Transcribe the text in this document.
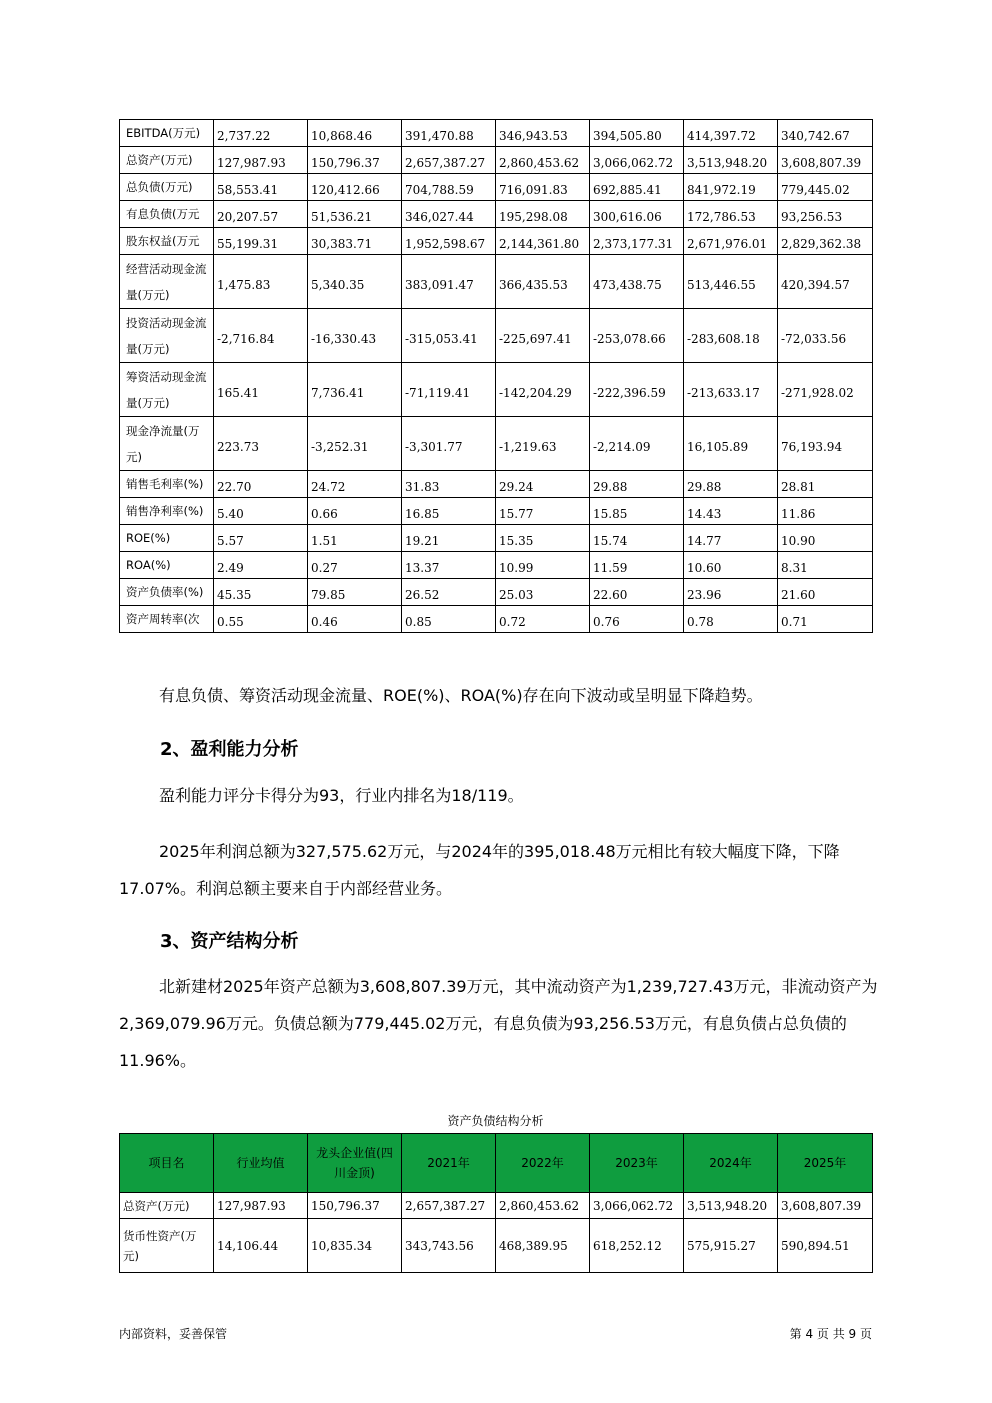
EBITDA(万元)	2,737.22	10,868.46	391,470.88	346,943.53	394,505.80	414,397.72	340,742.67
总资产(万元)	127,987.93	150,796.37	2,657,387.27	2,860,453.62	3,066,062.72	3,513,948.20	3,608,807.39
总负债(万元)	58,553.41	120,412.66	704,788.59	716,091.83	692,885.41	841,972.19	779,445.02
有息负债(万元	20,207.57	51,536.21	346,027.44	195,298.08	300,616.06	172,786.53	93,256.53
股东权益(万元	55,199.31	30,383.71	1,952,598.67	2,144,361.80	2,373,177.31	2,671,976.01	2,829,362.38
经营活动现金流量(万元)	1,475.83	5,340.35	383,091.47	366,435.53	473,438.75	513,446.55	420,394.57
投资活动现金流量(万元)	-2,716.84	-16,330.43	-315,053.41	-225,697.41	-253,078.66	-283,608.18	-72,033.56
筹资活动现金流量(万元)	165.41	7,736.41	-71,119.41	-142,204.29	-222,396.59	-213,633.17	-271,928.02
现金净流量(万元)	223.73	-3,252.31	-3,301.77	-1,219.63	-2,214.09	16,105.89	76,193.94
销售毛利率(%)	22.70	24.72	31.83	29.24	29.88	29.88	28.81
销售净利率(%)	5.40	0.66	16.85	15.77	15.85	14.43	11.86
ROE(%)	5.57	1.51	19.21	15.35	15.74	14.77	10.90
ROA(%)	2.49	0.27	13.37	10.99	11.59	10.60	8.31
资产负债率(%)	45.35	79.85	26.52	25.03	22.60	23.96	21.60
资产周转率(次	0.55	0.46	0.85	0.72	0.76	0.78	0.71
有息负债、筹资活动现金流量、ROE(%)、ROA(%)存在向下波动或呈明显下降趋势。
2、盈利能力分析
盈利能力评分卡得分为93，行业内排名为18/119。
2025年利润总额为327,575.62万元，与2024年的395,018.48万元相比有较大幅度下降，下降17.07%。利润总额主要来自于内部经营业务。
3、资产结构分析
北新建材2025年资产总额为3,608,807.39万元，其中流动资产为1,239,727.43万元，非流动资产为2,369,079.96万元。负债总额为779,445.02万元，有息负债为93,256.53万元，有息负债占总负债的11.96%。
资产负债结构分析
项目名	行业均值	龙头企业值(四川金顶)	2021年	2022年	2023年	2024年	2025年
总资产(万元)	127,987.93	150,796.37	2,657,387.27	2,860,453.62	3,066,062.72	3,513,948.20	3,608,807.39
货币性资产(万元)	14,106.44	10,835.34	343,743.56	468,389.95	618,252.12	575,915.27	590,894.51
内部资料，妥善保管	第 4 页 共 9 页
